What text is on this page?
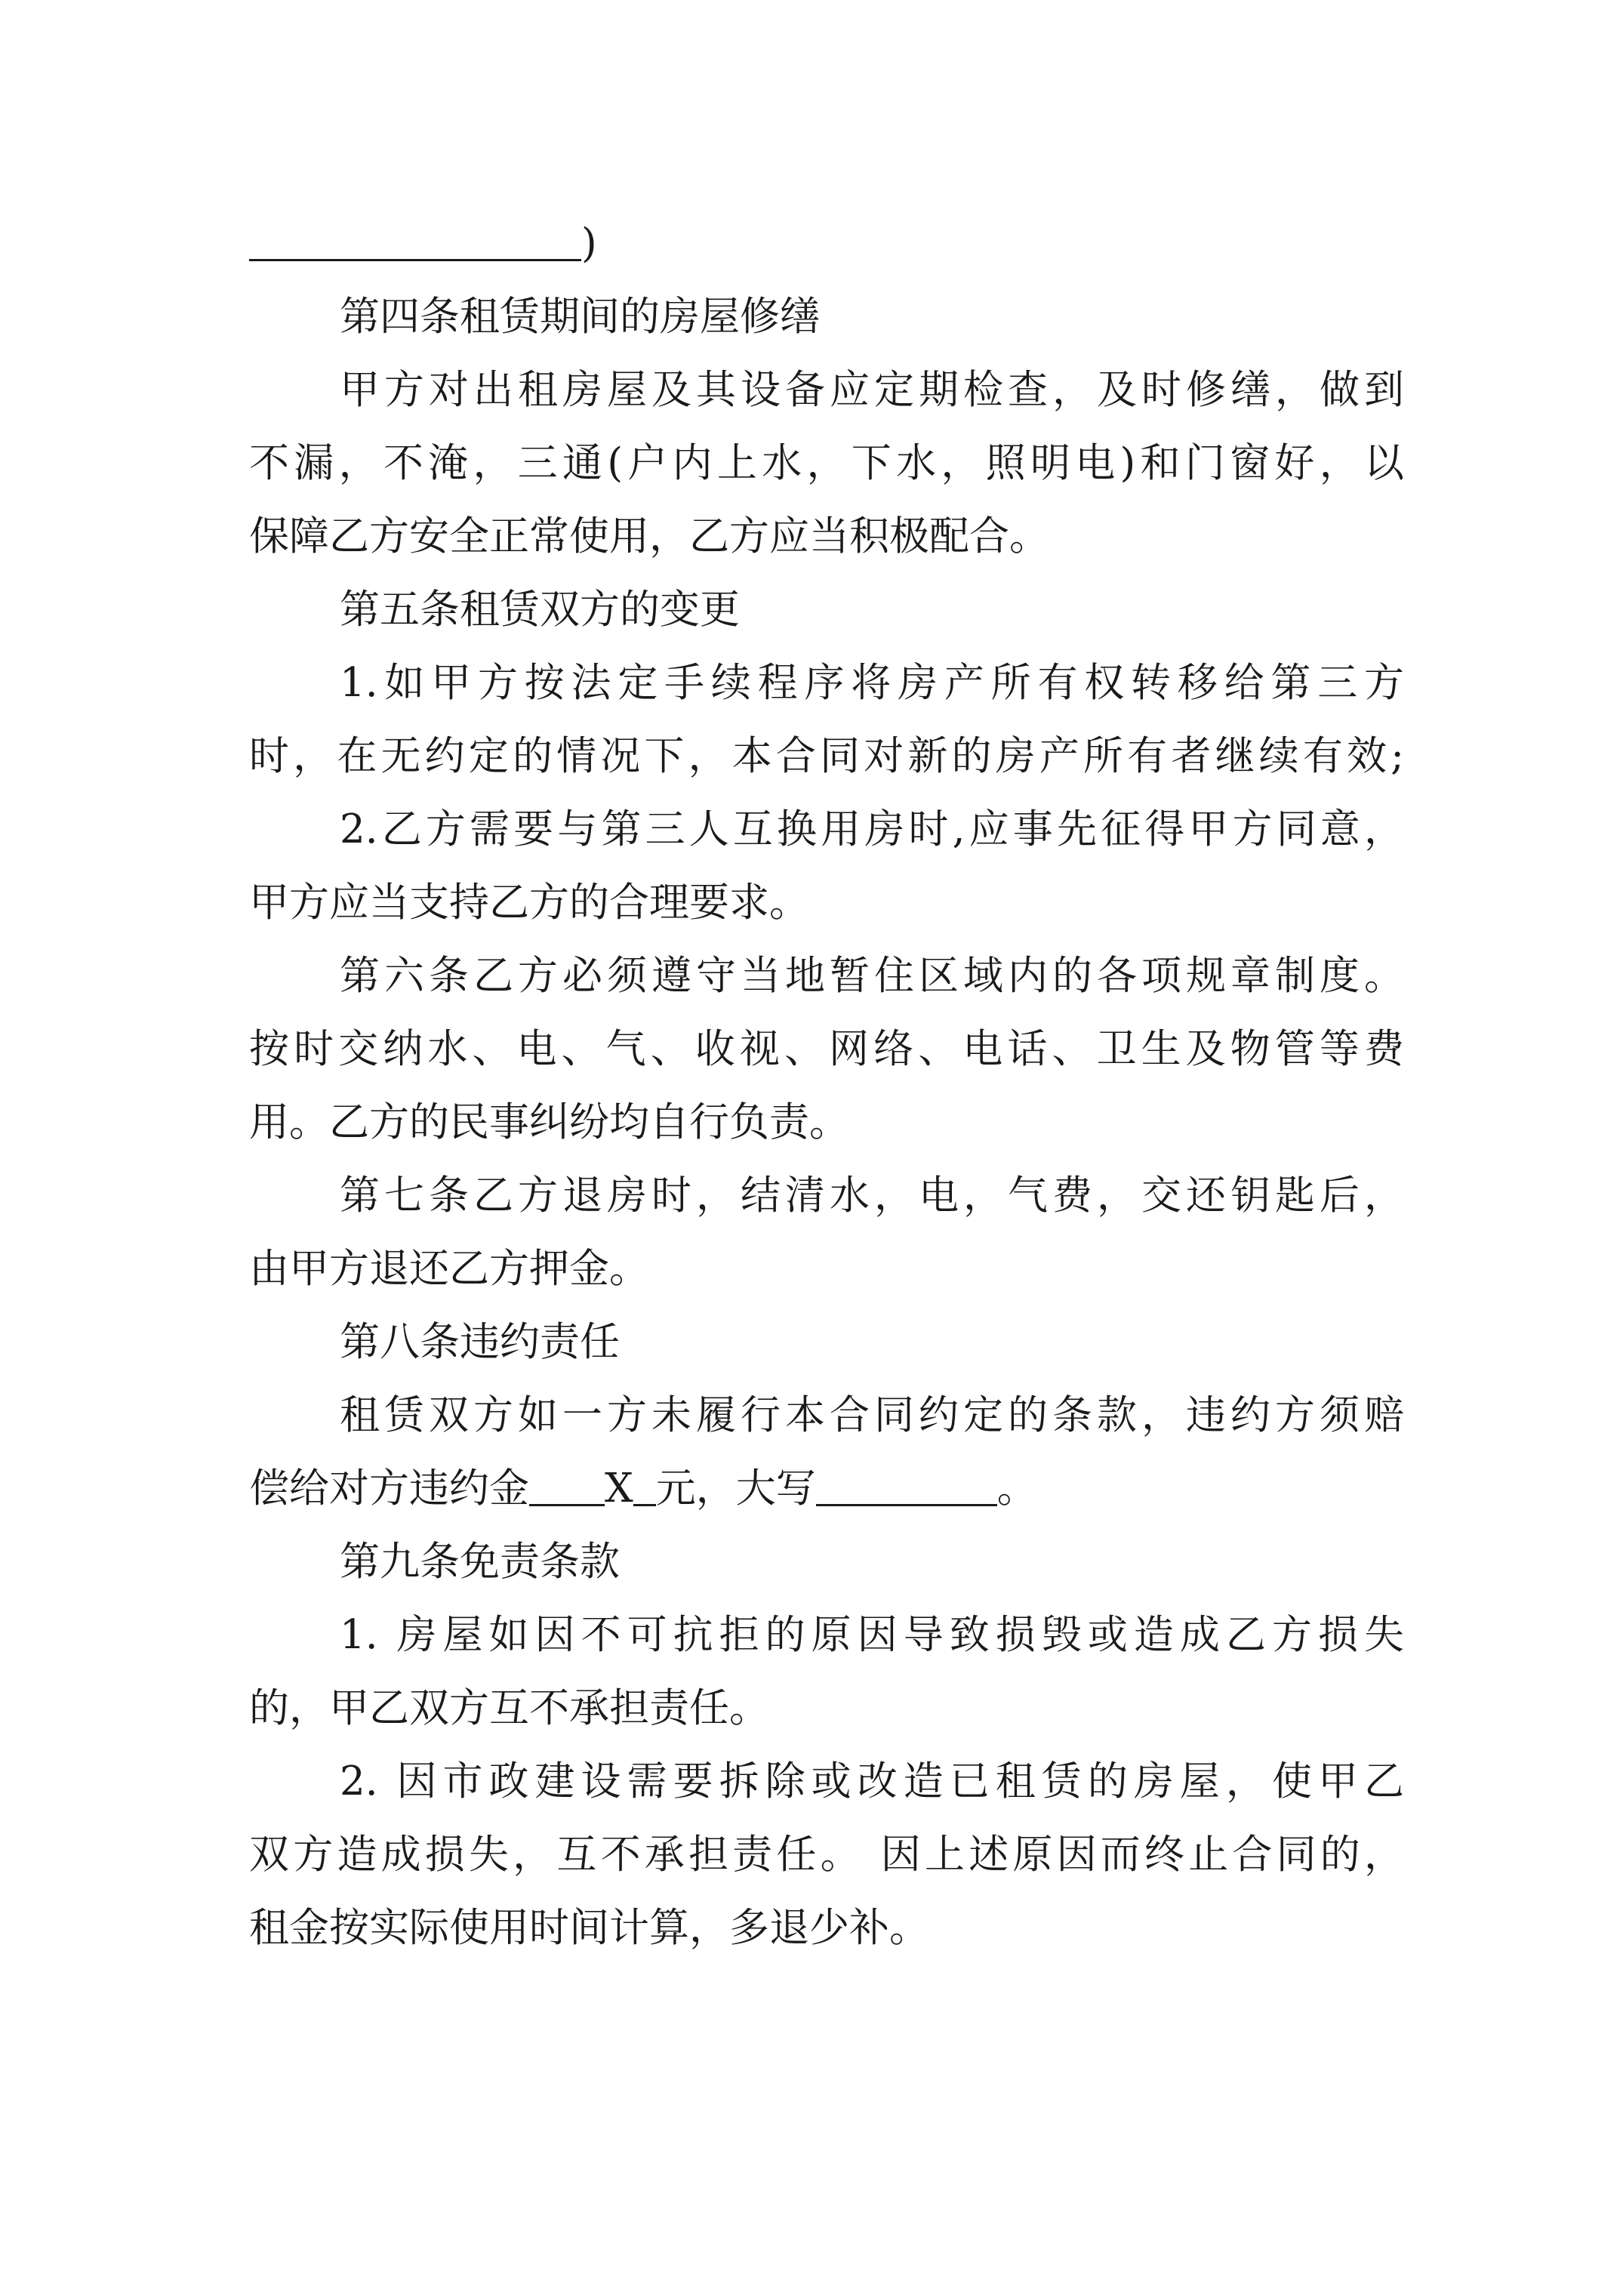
)
第四条租赁期间的房屋修缮
甲方对出租房屋及其设备应定期检查，及时修缮，做到
不漏，不淹，三通(户内上水，下水，照明电)和门窗好，以
保障乙方安全正常使用，乙方应当积极配合。
第五条租赁双方的变更
1.如甲方按法定手续程序将房产所有权转移给第三方
时，在无约定的情况下，本合同对新的房产所有者继续有效;
2.乙方需要与第三人互换用房时,应事先征得甲方同意，
甲方应当支持乙方的合理要求。
第六条乙方必须遵守当地暂住区域内的各项规章制度。
按时交纳水、电、气、收视、网络、电话、卫生及物管等费
用。乙方的民事纠纷均自行负责。
第七条乙方退房时，结清水，电，气费，交还钥匙后，
由甲方退还乙方押金。
第八条违约责任
租赁双方如一方未履行本合同约定的条款，违约方须赔
偿给对方违约金 X 元，大写	。
第九条免责条款
1. 房屋如因不可抗拒的原因导致损毁或造成乙方损失
的，甲乙双方互不承担责任。
2. 因市政建设需要拆除或改造已租赁的房屋，使甲乙
双方造成损失，互不承担责任。 因上述原因而终止合同的，
租金按实际使用时间计算，多退少补。
